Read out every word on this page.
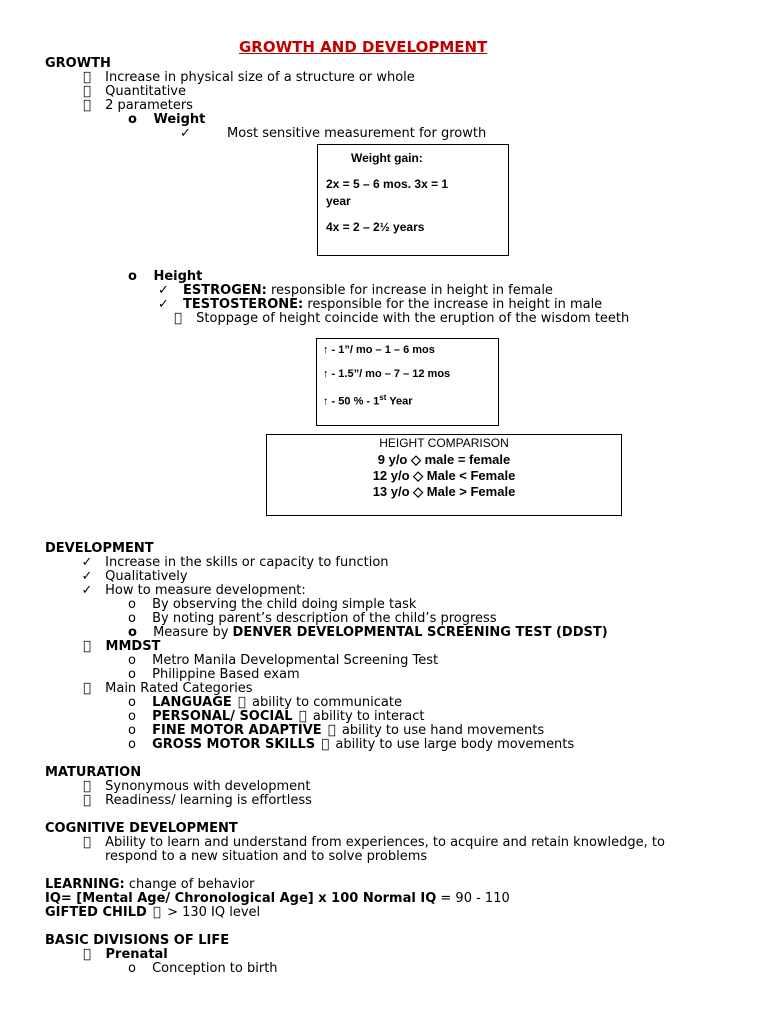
GROWTH AND DEVELOPMENT
GROWTH
Increase in physical size of a structure or whole
Quantitative
2 parameters
o Weight
✓	Most sensitive measurement for growth
Weight gain:
2x = 5 – 6 mos. 3x = 1
year
4x = 2 – 2½ years
o Height
✓ ESTROGEN: responsible for increase in height in female
✓ TESTOSTERONE: responsible for the increase in height in male
Stoppage of height coincide with the eruption of the wisdom teeth
↑ - 1”/ mo – 1 – 6 mos
↑ - 1.5”/ mo – 7 – 12 mos
↑ - 50 % - 1st Year
HEIGHT COMPARISON
9 y/o ◇ male = female
12 y/o ◇ Male < Female
13 y/o ◇ Male > Female
DEVELOPMENT
✓ Increase in the skills or capacity to function
✓ Qualitatively
✓ How to measure development:
o By observing the child doing simple task
o By noting parent’s description of the child’s progress
o Measure by DENVER DEVELOPMENTAL SCREENING TEST (DDST)
MMDST
o Metro Manila Developmental Screening Test
o Philippine Based exam
Main Rated Categories
o LANGUAGE  ability to communicate
o PERSONAL/ SOCIAL  ability to interact
o FINE MOTOR ADAPTIVE  ability to use hand movements
o GROSS MOTOR SKILLS  ability to use large body movements
MATURATION
Synonymous with development
Readiness/ learning is effortless
COGNITIVE DEVELOPMENT
Ability to learn and understand from experiences, to acquire and retain knowledge, to
respond to a new situation and to solve problems
LEARNING: change of behavior
IQ= [Mental Age/ Chronological Age] x 100 Normal IQ = 90 - 110
GIFTED CHILD  > 130 IQ level
BASIC DIVISIONS OF LIFE
Prenatal
o Conception to birth
